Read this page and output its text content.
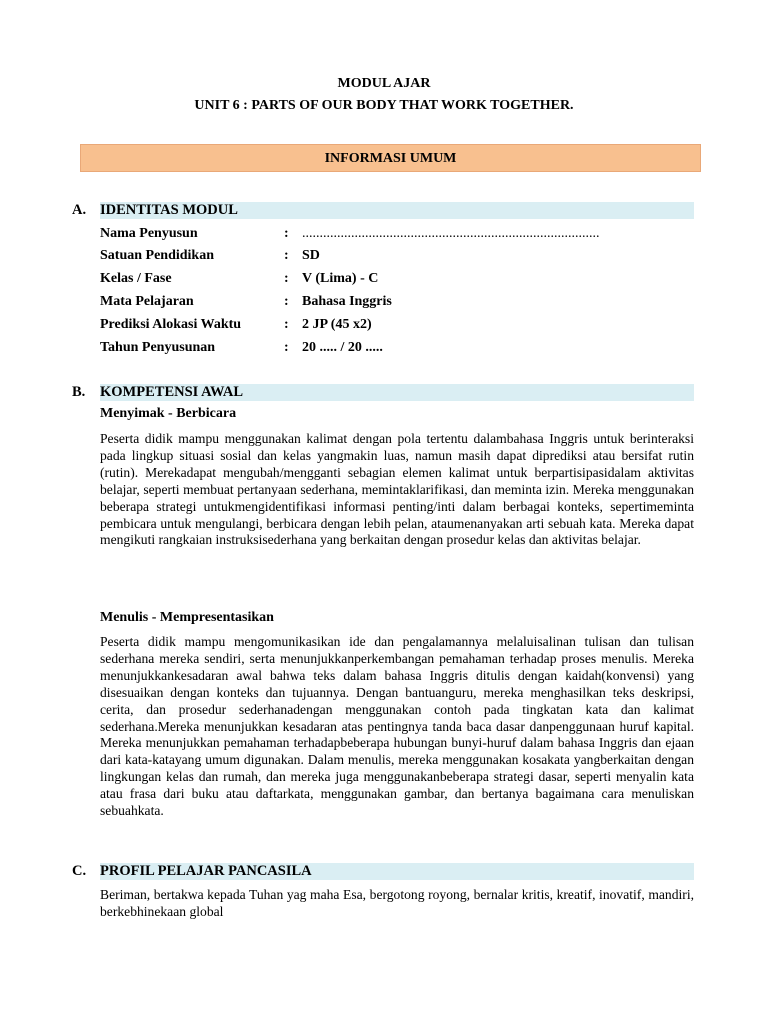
MODUL AJAR
UNIT 6 : PARTS OF OUR BODY THAT WORK TOGETHER.
INFORMASI UMUM
A. IDENTITAS MODUL
Nama Penyusun	: .....................................................................................
Satuan Pendidikan	: SD
Kelas / Fase	: V (Lima) - C
Mata Pelajaran	: Bahasa Inggris
Prediksi Alokasi Waktu	: 2 JP (45 x2)
Tahun Penyusunan	: 20 ..... / 20 .....
B. KOMPETENSI AWAL
Menyimak - Berbicara

Peserta didik mampu menggunakan kalimat dengan pola tertentu dalambahasa Inggris untuk berinteraksi pada lingkup situasi sosial dan kelas yangmakin luas, namun masih dapat diprediksi atau bersifat rutin (rutin). Merekadapat mengubah/mengganti sebagian elemen kalimat untuk berpartisipasidalam aktivitas belajar, seperti membuat pertanyaan sederhana, memintaklarifikasi, dan meminta izin. Mereka menggunakan beberapa strategi untukmengidentifikasi informasi penting/inti dalam berbagai konteks, sepertimeminta pembicara untuk mengulangi, berbicara dengan lebih pelan, ataumenanyakan arti sebuah kata. Mereka dapat mengikuti rangkaian instruksisederhana yang berkaitan dengan prosedur kelas dan aktivitas belajar.

Menulis - Mempresentasikan

Peserta didik mampu mengomunikasikan ide dan pengalamannya melaluisalinan tulisan dan tulisan sederhana mereka sendiri, serta menunjukkanperkembangan pemahaman terhadap proses menulis. Mereka menunjukkankesadaran awal bahwa teks dalam bahasa Inggris ditulis dengan kaidah(konvensi) yang disesuaikan dengan konteks dan tujuannya. Dengan bantuanguru, mereka menghasilkan teks deskripsi, cerita, dan prosedur sederhanadengan menggunakan contoh pada tingkatan kata dan kalimat sederhana.Mereka menunjukkan kesadaran atas pentingnya tanda baca dasar danpenggunaan huruf kapital. Mereka menunjukkan pemahaman terhadapbeberapa hubungan bunyi-huruf dalam bahasa Inggris dan ejaan dari kata-katayang umum digunakan. Dalam menulis, mereka menggunakan kosakata yangberkaitan dengan lingkungan kelas dan rumah, dan mereka juga menggunakanbeberapa strategi dasar, seperti menyalin kata atau frasa dari buku atau daftarkata, menggunakan gambar, dan bertanya bagaimana cara menuliskan sebuahkata.

C. PROFIL PELAJAR PANCASILA

Beriman, bertakwa kepada Tuhan yag maha Esa, bergotong royong, bernalar kritis, kreatif, inovatif, mandiri, berkebhinekaan global
